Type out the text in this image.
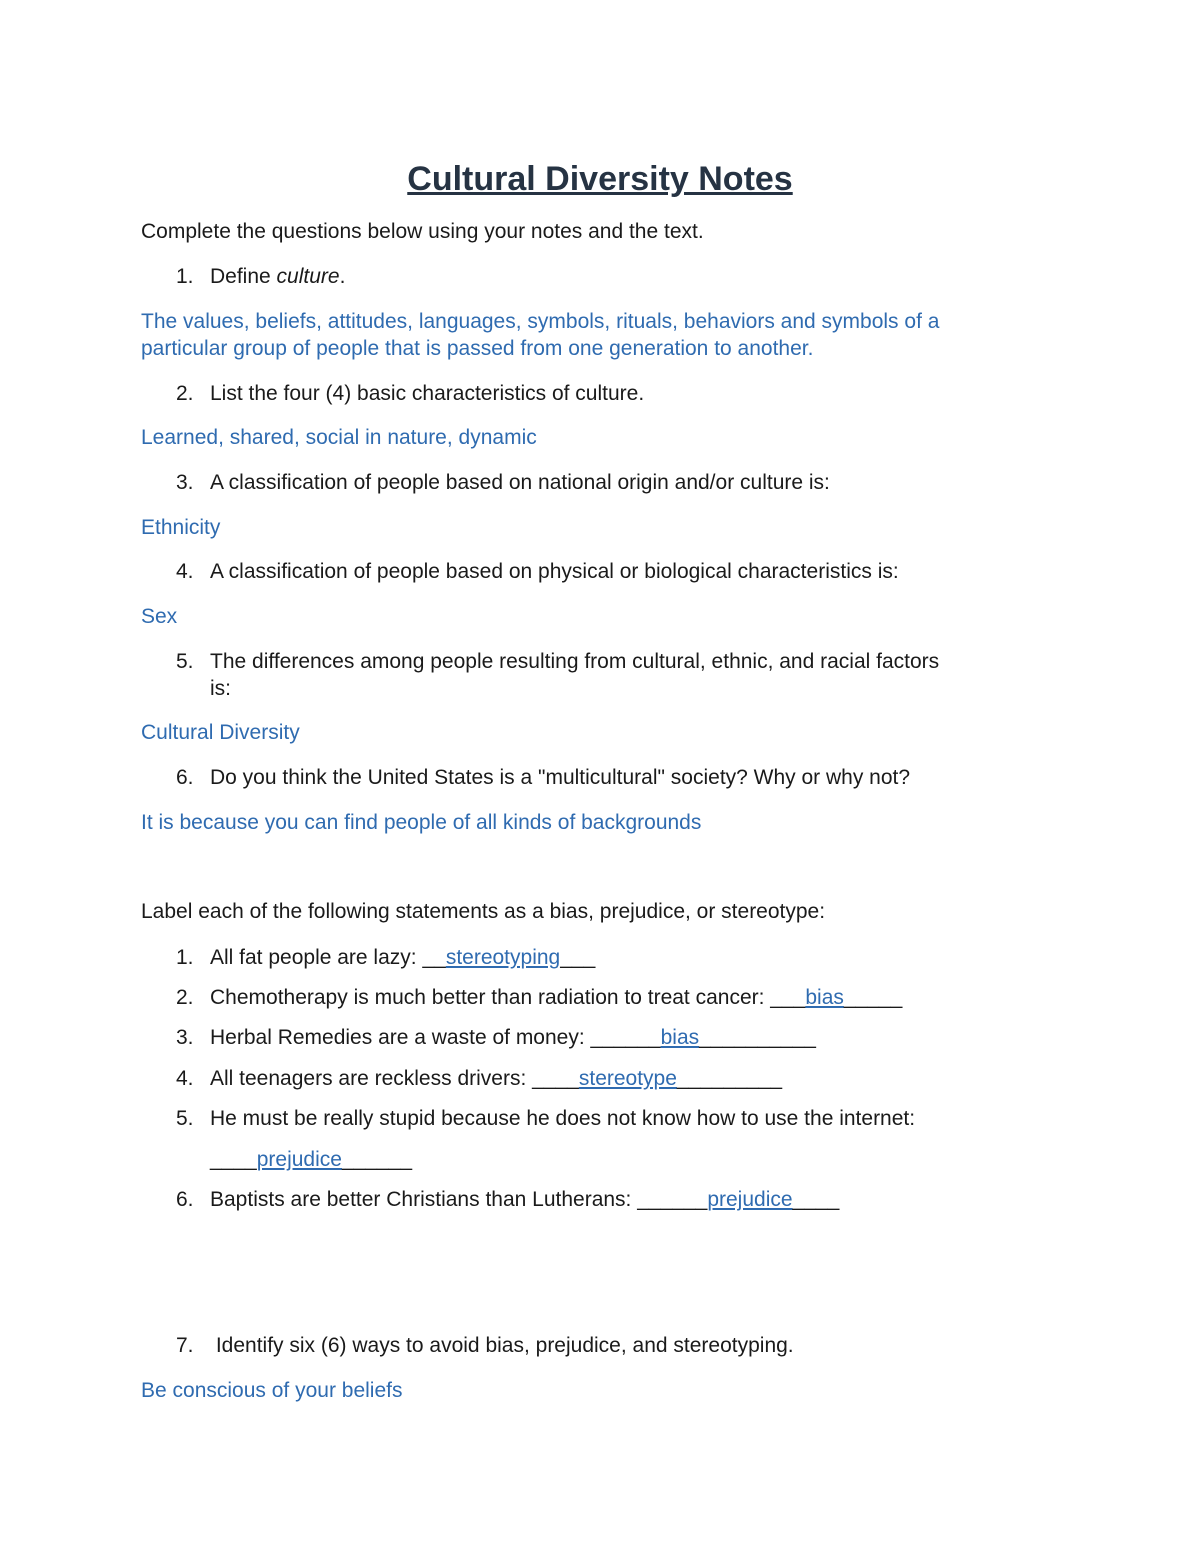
Cultural Diversity Notes
Complete the questions below using your notes and the text.
1. Define culture.
The values, beliefs, attitudes, languages, symbols, rituals, behaviors and symbols of a
particular group of people that is passed from one generation to another.
2. List the four (4) basic characteristics of culture.
Learned, shared, social in nature, dynamic
3. A classification of people based on national origin and/or culture is:
Ethnicity
4. A classification of people based on physical or biological characteristics is:
Sex
5. The differences among people resulting from cultural, ethnic, and racial factors
is:
Cultural Diversity
6. Do you think the United States is a "multicultural" society? Why or why not?
It is because you can find people of all kinds of backgrounds
Label each of the following statements as a bias, prejudice, or stereotype:
1. All fat people are lazy: __stereotyping___
2. Chemotherapy is much better than radiation to treat cancer: ___bias_____
3. Herbal Remedies are a waste of money: ______bias__________
4. All teenagers are reckless drivers: ____stereotype_________
5. He must be really stupid because he does not know how to use the internet:
____prejudice______
6. Baptists are better Christians than Lutherans: ______prejudice____
7. Identify six (6) ways to avoid bias, prejudice, and stereotyping.
Be conscious of your beliefs
